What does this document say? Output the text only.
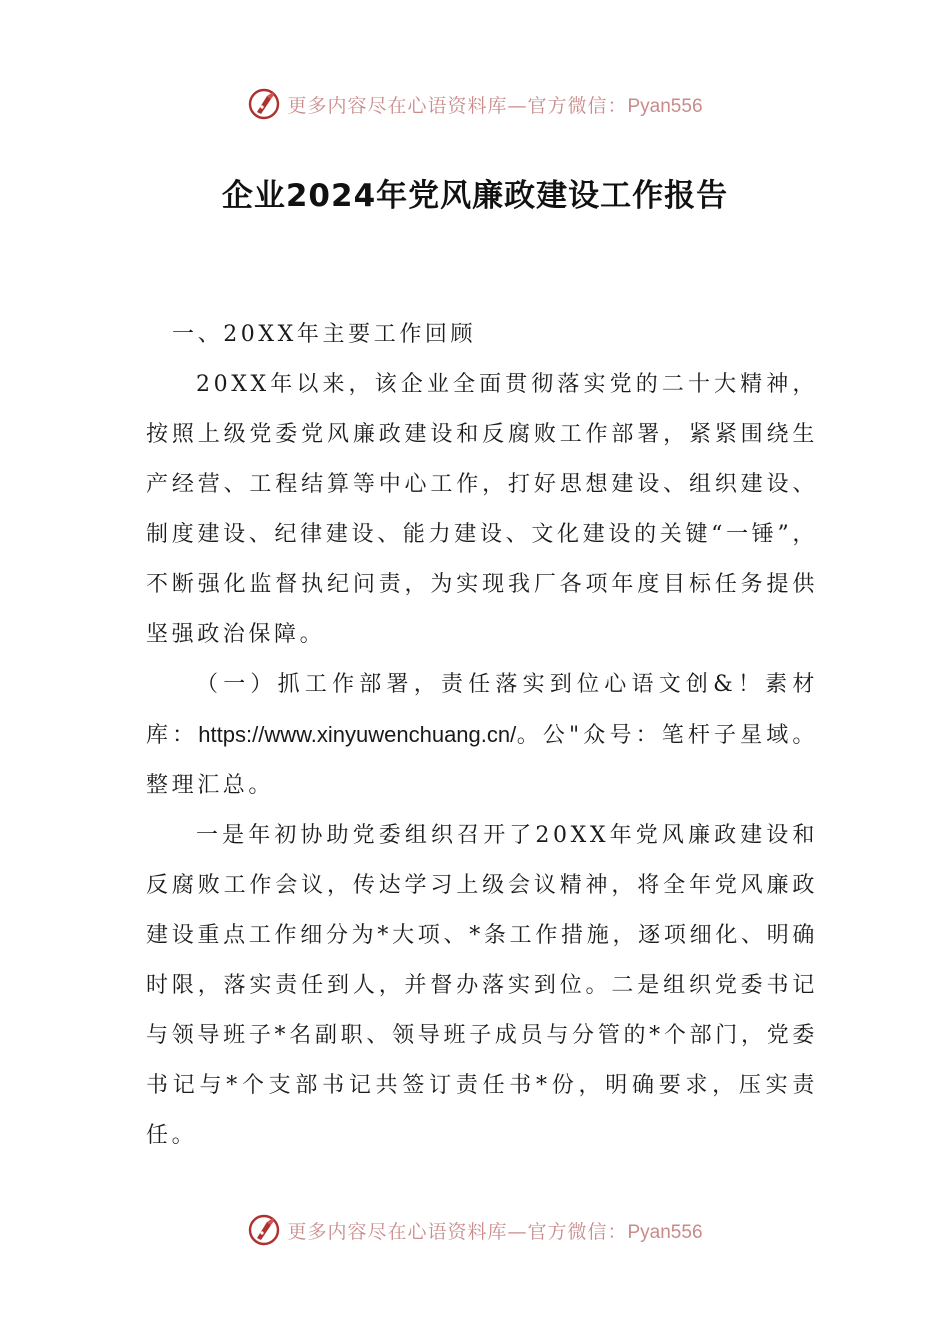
更多内容尽在心语资料库—官方微信：Pyan556
企业2024年党风廉政建设工作报告

一、20XX年主要工作回顾

20XX年以来，该企业全面贯彻落实党的二十大精神，按照上级党委党风廉政建设和反腐败工作部署，紧紧围绕生产经营、工程结算等中心工作，打好思想建设、组织建设、制度建设、纪律建设、能力建设、文化建设的关键“一锤”，不断强化监督执纪问责，为实现我厂各项年度目标任务提供坚强政治保障。

（一）抓工作部署，责任落实到位心语文创&！素材库：https://www.xinyuwenchuang.cn/。公"众号：笔杆子星域。整理汇总。

一是年初协助党委组织召开了20XX年党风廉政建设和反腐败工作会议，传达学习上级会议精神，将全年党风廉政建设重点工作细分为*大项、*条工作措施，逐项细化、明确时限，落实责任到人，并督办落实到位。二是组织党委书记与领导班子*名副职、领导班子成员与分管的*个部门，党委书记与*个支部书记共签订责任书*份，明确要求，压实责任。

更多内容尽在心语资料库—官方微信：Pyan556
